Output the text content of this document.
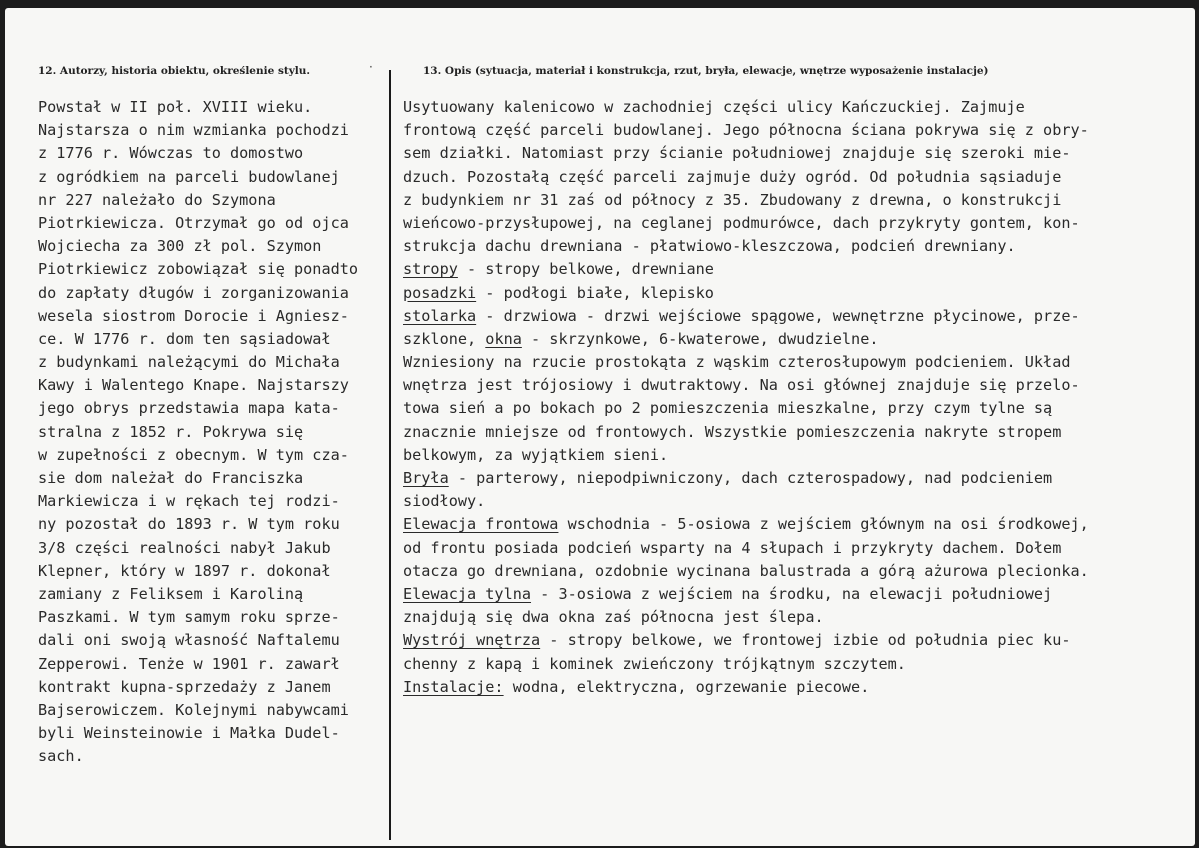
12. Autorzy, historia obiektu, określenie stylu.	·	13. Opis (sytuacja, materiał i konstrukcja, rzut, bryła, elewacje, wnętrze wyposażenie instalacje)
Powstał w II poł. XVIII wieku.
Najstarsza o nim wzmianka pochodzi
z 1776 r. Wówczas to domostwo
z ogródkiem na parceli budowlanej
nr 227 należało do Szymona
Piotrkiewicza. Otrzymał go od ojca
Wojciecha za 300 zł pol. Szymon
Piotrkiewicz zobowiązał się ponadto
do zapłaty długów i zorganizowania
wesela siostrom Dorocie i Agniesz-
ce. W 1776 r. dom ten sąsiadował
z budynkami należącymi do Michała
Kawy i Walentego Knape. Najstarszy
jego obrys przedstawia mapa kata-
stralna z 1852 r. Pokrywa się
w zupełności z obecnym. W tym cza-
sie dom należał do Franciszka
Markiewicza i w rękach tej rodzi-
ny pozostał do 1893 r. W tym roku
3/8 części realności nabył Jakub
Klepner, który w 1897 r. dokonał
zamiany z Feliksem i Karoliną
Paszkami. W tym samym roku sprze-
dali oni swoją własność Naftalemu
Zepperowi. Tenże w 1901 r. zawarł
kontrakt kupna-sprzedaży z Janem
Bajserowiczem. Kolejnymi nabywcami
byli Weinsteinowie i Małka Dudel-
sach.
Usytuowany kalenicowo w zachodniej części ulicy Kańczuckiej. Zajmuje
frontową część parceli budowlanej. Jego północna ściana pokrywa się z obry-
sem działki. Natomiast przy ścianie południowej znajduje się szeroki mie-
dzuch. Pozostałą część parceli zajmuje duży ogród. Od południa sąsiaduje
z budynkiem nr 31 zaś od północy z 35. Zbudowany z drewna, o konstrukcji
wieńcowo-przysłupowej, na ceglanej podmurówce, dach przykryty gontem, kon-
strukcja dachu drewniana - płatwiowo-kleszczowa, podcień drewniany.
stropy - stropy belkowe, drewniane
posadzki - podłogi białe, klepisko
stolarka - drzwiowa - drzwi wejściowe spągowe, wewnętrzne płycinowe, prze-
szklone, okna - skrzynkowe, 6-kwaterowe, dwudzielne.
Wzniesiony na rzucie prostokąta z wąskim czterosłupowym podcieniem. Układ
wnętrza jest trójosiowy i dwutraktowy. Na osi głównej znajduje się przelo-
towa sień a po bokach po 2 pomieszczenia mieszkalne, przy czym tylne są
znacznie mniejsze od frontowych. Wszystkie pomieszczenia nakryte stropem
belkowym, za wyjątkiem sieni.
Bryła - parterowy, niepodpiwniczony, dach czterospadowy, nad podcieniem
siodłowy.
Elewacja frontowa wschodnia - 5-osiowa z wejściem głównym na osi środkowej,
od frontu posiada podcień wsparty na 4 słupach i przykryty dachem. Dołem
otacza go drewniana, ozdobnie wycinana balustrada a górą ażurowa plecionka.
Elewacja tylna - 3-osiowa z wejściem na środku, na elewacji południowej
znajdują się dwa okna zaś północna jest ślepa.
Wystrój wnętrza - stropy belkowe, we frontowej izbie od południa piec ku-
chenny z kapą i kominek zwieńczony trójkątnym szczytem.
Instalacje: wodna, elektryczna, ogrzewanie piecowe.
